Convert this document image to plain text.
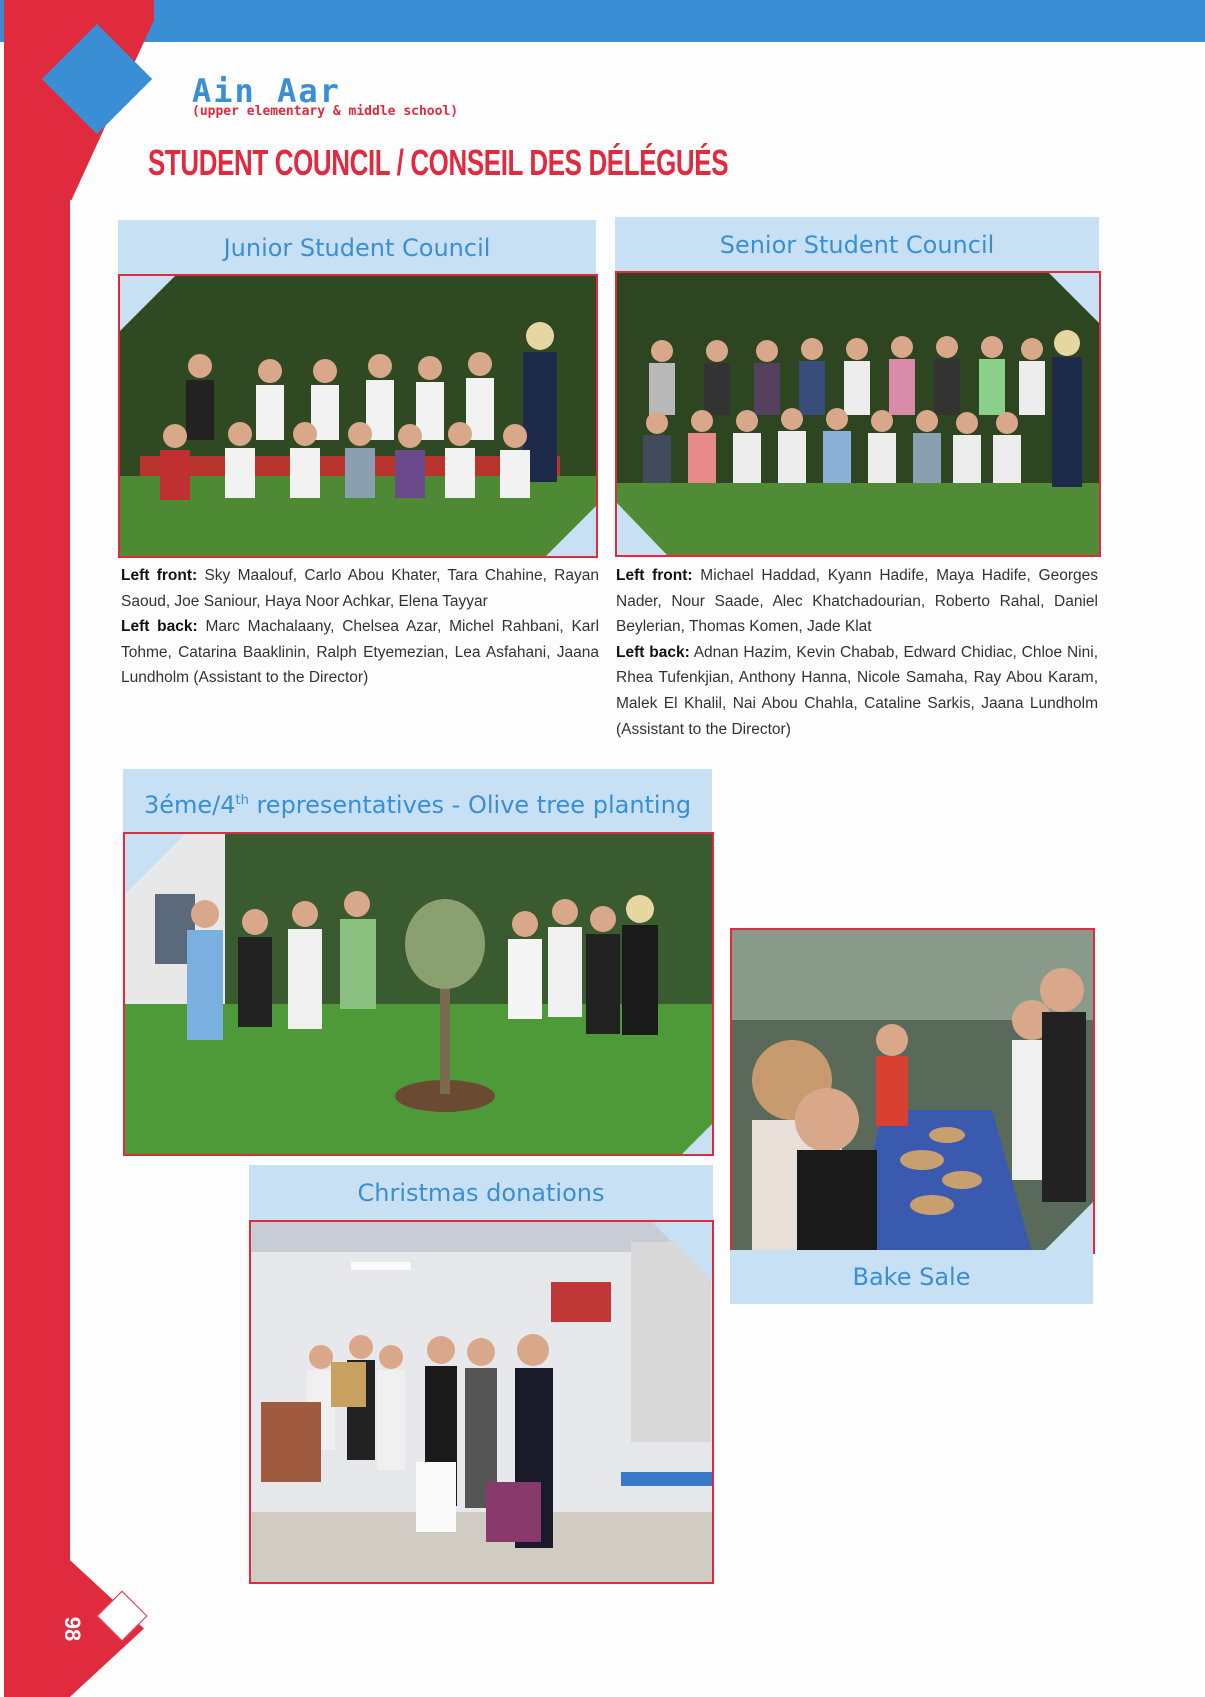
98
Ain Aar
(upper elementary & middle school)
STUDENT COUNCIL / CONSEIL DES DÉLÉGUÉS
Junior Student Council
Left front: Sky Maalouf, Carlo Abou Khater, Tara Chahine, Rayan Saoud, Joe Saniour, Haya Noor Achkar, Elena Tayyar
Left back: Marc Machalaany, Chelsea Azar, Michel Rahbani, Karl Tohme, Catarina Baaklinin, Ralph Etyemezian, Lea Asfahani, Jaana Lundholm (Assistant to the Director)
Senior Student Council
Left front: Michael Haddad, Kyann Hadife, Maya Hadife, Georges Nader, Nour Saade, Alec Khatchadourian, Roberto Rahal, Daniel Beylerian, Thomas Komen, Jade Klat
Left back: Adnan Hazim, Kevin Chabab, Edward Chidiac, Chloe Nini, Rhea Tufenkjian, Anthony Hanna, Nicole Samaha, Ray Abou Karam, Malek El Khalil, Nai Abou Chahla, Cataline Sarkis, Jaana Lundholm (Assistant to the Director)
3éme/4th representatives - Olive tree planting
Bake Sale
Christmas donations
